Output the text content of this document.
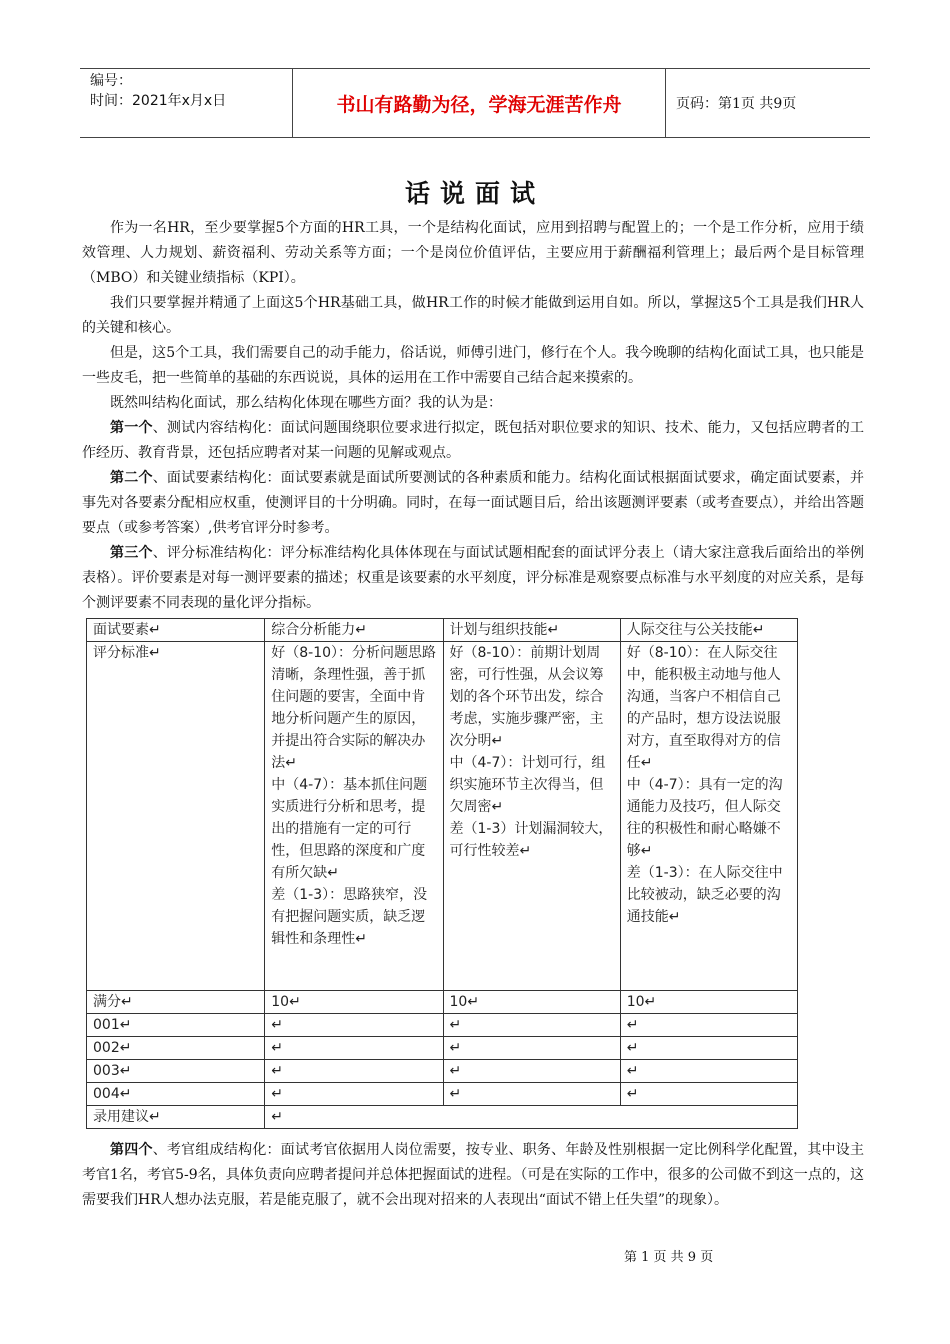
编号：
时间：2021年x月x日	书山有路勤为径，学海无涯苦作舟	页码：第1页 共9页
话说面试

作为一名HR，至少要掌握5个方面的HR工具，一个是结构化面试，应用到招聘与配置上的；一个是工作分析，应用于绩效管理、人力规划、薪资福利、劳动关系等方面；一个是岗位价值评估，主要应用于薪酬福利管理上；最后两个是目标管理（MBO）和关键业绩指标（KPI）。

我们只要掌握并精通了上面这5个HR基础工具，做HR工作的时候才能做到运用自如。所以，掌握这5个工具是我们HR人的关键和核心。

但是，这5个工具，我们需要自己的动手能力，俗话说，师傅引进门，修行在个人。我今晚聊的结构化面试工具，也只能是一些皮毛，把一些简单的基础的东西说说，具体的运用在工作中需要自己结合起来摸索的。

既然叫结构化面试，那么结构化体现在哪些方面？我的认为是：

第一个、测试内容结构化：面试问题围绕职位要求进行拟定，既包括对职位要求的知识、技术、能力，又包括应聘者的工作经历、教育背景，还包括应聘者对某一问题的见解或观点。

第二个、面试要素结构化：面试要素就是面试所要测试的各种素质和能力。结构化面试根据面试要求，确定面试要素，并事先对各要素分配相应权重，使测评目的十分明确。同时，在每一面试题目后，给出该题测评要素（或考查要点），并给出答题要点（或参考答案）,供考官评分时参考。

第三个、评分标准结构化：评分标准结构化具体体现在与面试试题相配套的面试评分表上（请大家注意我后面给出的举例表格）。评价要素是对每一测评要素的描述；权重是该要素的水平刻度，评分标准是观察要点标准与水平刻度的对应关系，是每个测评要素不同表现的量化评分指标。

面试要素↵	综合分析能力↵	计划与组织技能↵	人际交往与公关技能↵
评分标准↵	好（8-10）：分析问题思路清晰，条理性强，善于抓住问题的要害，全面中肯地分析问题产生的原因，并提出符合实际的解决办法↵
中（4-7）：基本抓住问题实质进行分析和思考，提出的措施有一定的可行性，但思路的深度和广度有所欠缺↵
差（1-3）：思路狭窄，没有把握问题实质，缺乏逻辑性和条理性↵	好（8-10）：前期计划周密，可行性强，从会议筹划的各个环节出发，综合考虑，实施步骤严密，主次分明↵
中（4-7）：计划可行，组织实施环节主次得当，但欠周密↵
差（1-3）计划漏洞较大，可行性较差↵	好（8-10）：在人际交往中，能积极主动地与他人沟通，当客户不相信自己的产品时，想方设法说服对方，直至取得对方的信任↵
中（4-7）：具有一定的沟通能力及技巧，但人际交往的积极性和耐心略嫌不够↵
差（1-3）：在人际交往中比较被动，缺乏必要的沟通技能↵
满分↵	10↵	10↵	10↵
001↵	↵	↵	↵
002↵	↵	↵	↵
003↵	↵	↵	↵
004↵	↵	↵	↵
录用建议↵	↵		

第四个、考官组成结构化：面试考官依据用人岗位需要，按专业、职务、年龄及性别根据一定比例科学化配置，其中设主考官1名，考官5-9名，具体负责向应聘者提问并总体把握面试的进程。（可是在实际的工作中，很多的公司做不到这一点的，这需要我们HR人想办法克服，若是能克服了，就不会出现对招来的人表现出“面试不错上任失望”的现象）。

第 1 页 共 9 页
